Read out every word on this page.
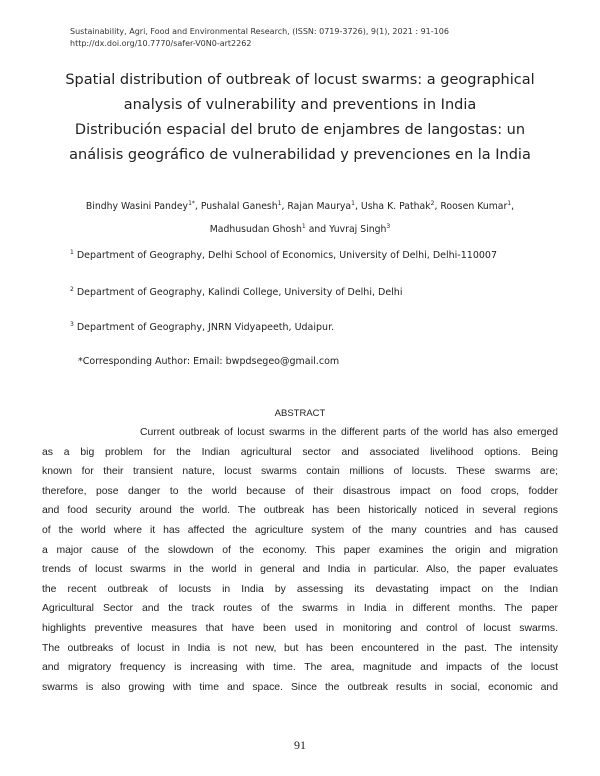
Sustainability, Agri, Food and Environmental Research, (ISSN: 0719-3726), 9(1), 2021 : 91-106
http://dx.doi.org/10.7770/safer-V0N0-art2262
Spatial distribution of outbreak of locust swarms: a geographical
analysis of vulnerability and preventions in India
Distribución espacial del bruto de enjambres de langostas: un
análisis geográfico de vulnerabilidad y prevenciones en la India
Bindhy Wasini Pandey$^{1*}$, Pushalal Ganesh$^1$, Rajan Maurya$^1$, Usha K. Pathak$^2$, Roosen Kumar$^1$,
Madhusudan Ghosh$^1$ and Yuvraj Singh$^3$
$^1$ Department of Geography, Delhi School of Economics, University of Delhi, Delhi-110007
$^2$ Department of Geography, Kalindi College, University of Delhi, Delhi
$^3$ Department of Geography, JNRN Vidyapeeth, Udaipur.
*Corresponding Author: Email: bwpdsegeo@gmail.com
ABSTRACT
Current outbreak of locust swarms in the different parts of the world has also emerged
as a big problem for the Indian agricultural sector and associated livelihood options. Being
known for their transient nature, locust swarms contain millions of locusts. These swarms are;
therefore, pose danger to the world because of their disastrous impact on food crops, fodder
and food security around the world. The outbreak has been historically noticed in several regions
of the world where it has affected the agriculture system of the many countries and has caused
a major cause of the slowdown of the economy. This paper examines the origin and migration
trends of locust swarms in the world in general and India in particular. Also, the paper evaluates
the recent outbreak of locusts in India by assessing its devastating impact on the Indian
Agricultural Sector and the track routes of the swarms in India in different months. The paper
highlights preventive measures that have been used in monitoring and control of locust swarms.
The outbreaks of locust in India is not new, but has been encountered in the past. The intensity
and migratory frequency is increasing with time. The area, magnitude and impacts of the locust
swarms is also growing with time and space. Since the outbreak results in social, economic and
91
